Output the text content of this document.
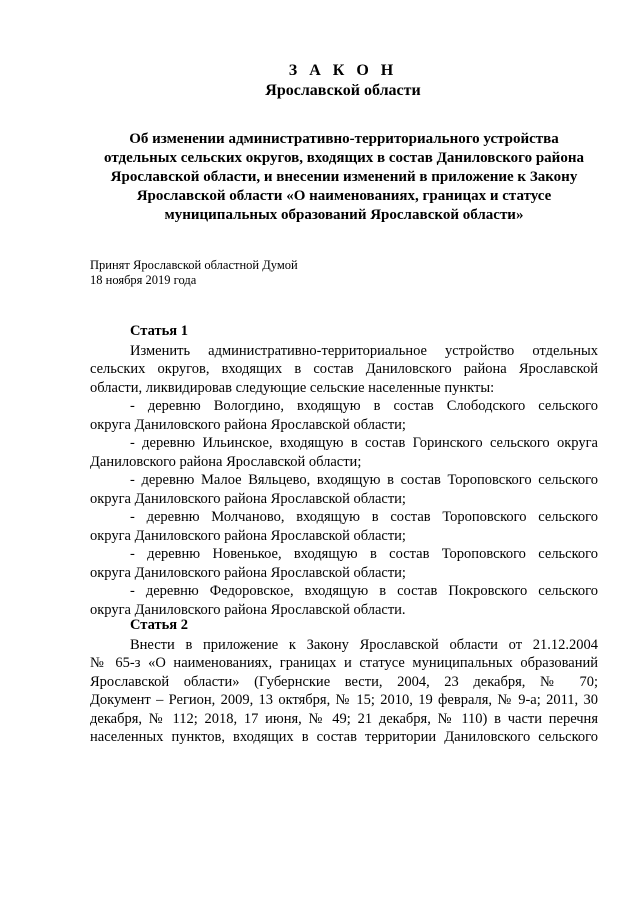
З А К О Н
Ярославской области
Об изменении административно-территориального устройства
отдельных сельских округов, входящих в состав Даниловского района
Ярославской области, и внесении изменений в приложение к Закону
Ярославской области «О наименованиях, границах и статусе
муниципальных образований Ярославской области»
Принят Ярославской областной Думой
18 ноября 2019 года
Статья 1
Изменить административно-территориальное устройство отдельных
сельских округов, входящих в состав Даниловского района Ярославской
области, ликвидировав следующие сельские населенные пункты:
- деревню Вологдино, входящую в состав Слободского сельского
округа Даниловского района Ярославской области;
- деревню Ильинское, входящую в состав Горинского сельского округа
Даниловского района Ярославской области;
- деревню Малое Вяльцево, входящую в состав Тороповского сельского
округа Даниловского района Ярославской области;
- деревню Молчаново, входящую в состав Тороповского сельского
округа Даниловского района Ярославской области;
- деревню Новенькое, входящую в состав Тороповского сельского
округа Даниловского района Ярославской области;
- деревню Федоровское, входящую в состав Покровского сельского
округа Даниловского района Ярославской области.
Статья 2
Внести в приложение к Закону Ярославской области от 21.12.2004
№ 65-з «О наименованиях, границах и статусе муниципальных образований
Ярославской области» (Губернские вести, 2004, 23 декабря, № 70;
Документ – Регион, 2009, 13 октября, № 15; 2010, 19 февраля, № 9-а; 2011, 30
декабря, № 112; 2018, 17 июня, № 49; 21 декабря, № 110) в части перечня
населенных пунктов, входящих в состав территории Даниловского сельского
